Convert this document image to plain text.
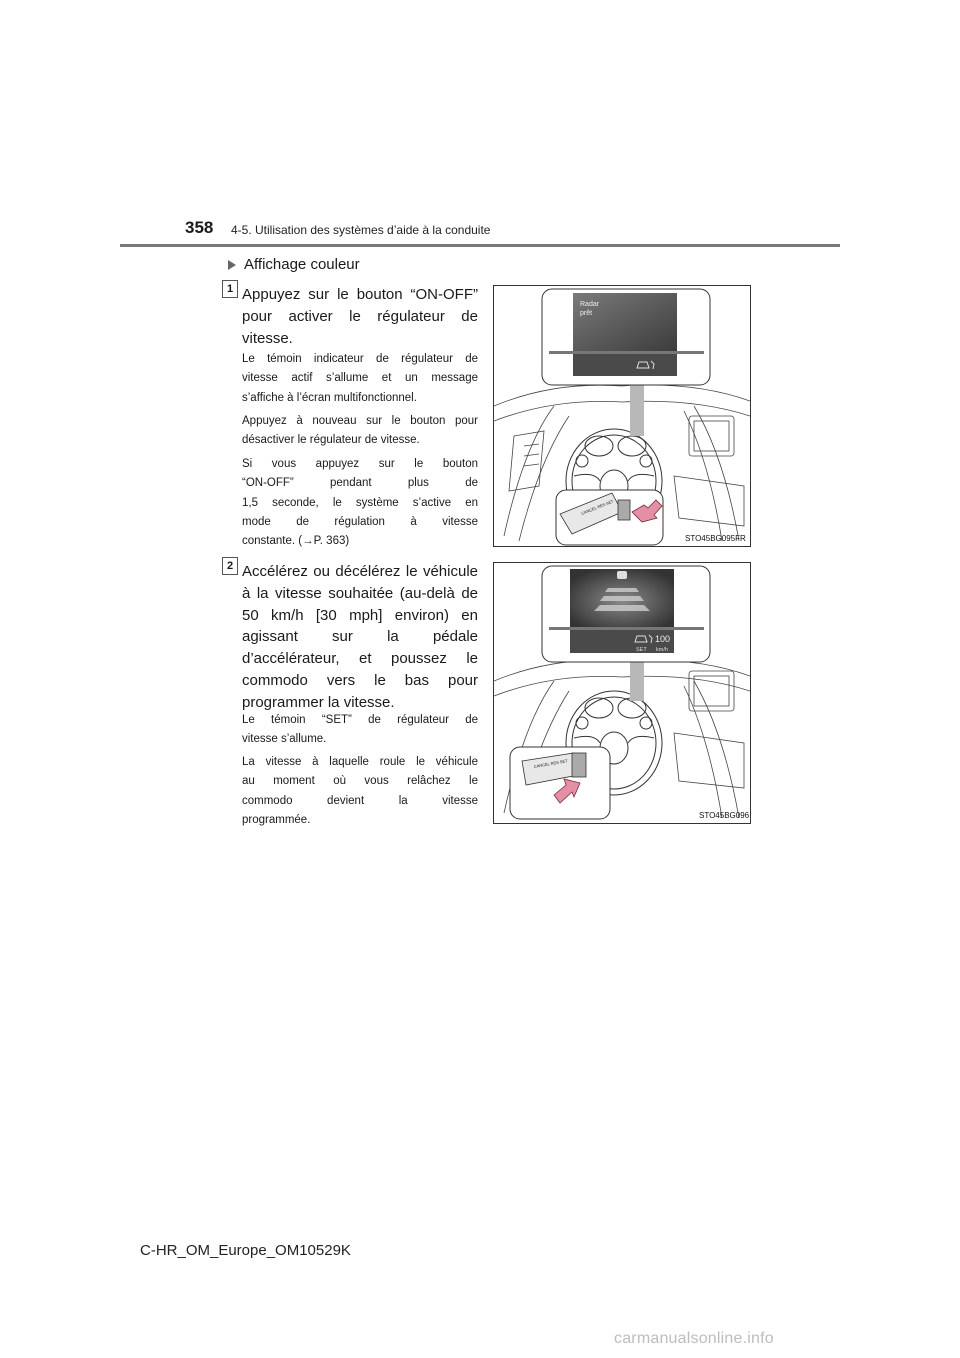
358 4-5. Utilisation des systèmes d’aide à la conduite
Affichage couleur
1 Appuyez sur le bouton “ON-OFF”
pour activer le régulateur de
vitesse.
Le témoin indicateur de régulateur de
vitesse actif s’allume et un message
s’affiche à l’écran multifonctionnel.
Appuyez à nouveau sur le bouton pour
désactiver le régulateur de vitesse.
Si vous appuyez sur le bouton
“ON-OFF” pendant plus de
1,5 seconde, le système s’active en
mode de régulation à vitesse
constante. (→P. 363)
Radar
prêt
CANCEL RES SET
STO45BG095FR
2 Accélérez ou décélérez le véhicule
à la vitesse souhaitée (au-delà de
50 km/h [30 mph] environ) en
agissant sur la pédale
d’accélérateur, et poussez le
commodo vers le bas pour
programmer la vitesse.
Le témoin “SET” de régulateur de
vitesse s’allume.
La vitesse à laquelle roule le véhicule
au moment où vous relâchez le
commodo devient la vitesse
programmée.
100
SET km/h
CANCEL RES SET
STO45BG096
C-HR_OM_Europe_OM10529K
carmanualsonline.info
